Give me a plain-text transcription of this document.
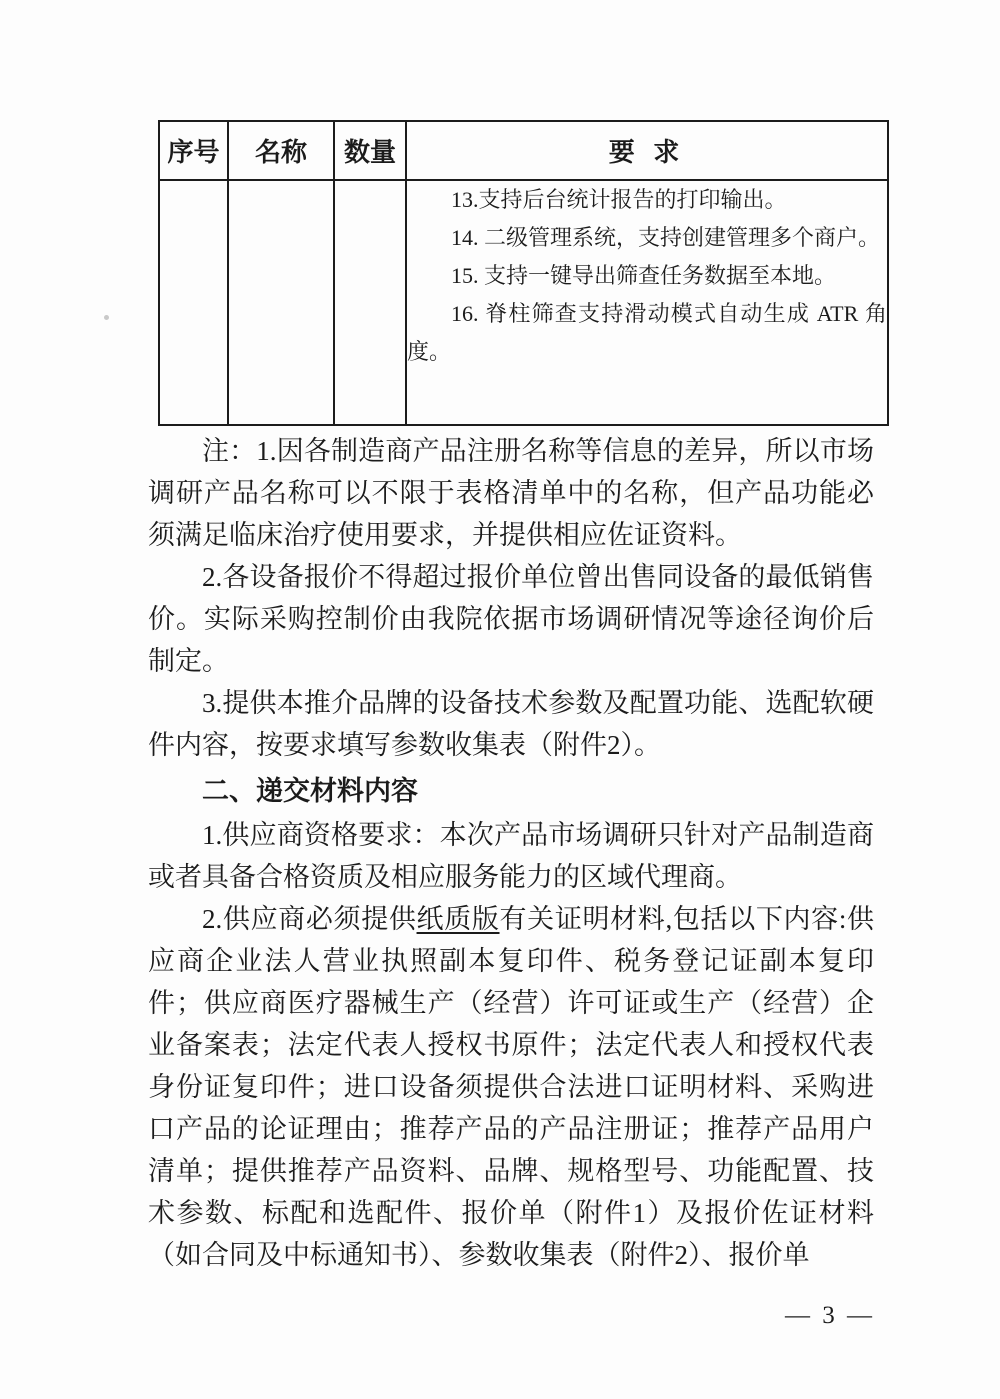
序号	名称	数量	要 求

			13.支持后台统计报告的打印输出。

14. 二级管理系统，支持创建管理多个商户。

15. 支持一键导出筛查任务数据至本地。

16. 脊柱筛查支持滑动模式自动生成 ATR 角度。

注：1.因各制造商产品注册名称等信息的差异，所以市场调研产品名称可以不限于表格清单中的名称，但产品功能必须满足临床治疗使用要求，并提供相应佐证资料。

2.各设备报价不得超过报价单位曾出售同设备的最低销售价。实际采购控制价由我院依据市场调研情况等途径询价后制定。

3.提供本推介品牌的设备技术参数及配置功能、选配软硬件内容，按要求填写参数收集表（附件2）。

二、递交材料内容

1.供应商资格要求：本次产品市场调研只针对产品制造商或者具备合格资质及相应服务能力的区域代理商。

2.供应商必须提供纸质版有关证明材料,包括以下内容:供应商企业法人营业执照副本复印件、税务登记证副本复印件；供应商医疗器械生产（经营）许可证或生产（经营）企业备案表；法定代表人授权书原件；法定代表人和授权代表身份证复印件；进口设备须提供合法进口证明材料、采购进口产品的论证理由；推荐产品的产品注册证；推荐产品用户清单；提供推荐产品资料、品牌、规格型号、功能配置、技术参数、标配和选配件、报价单（附件1）及报价佐证材料（如合同及中标通知书）、参数收集表（附件2）、报价单

— 3 —
